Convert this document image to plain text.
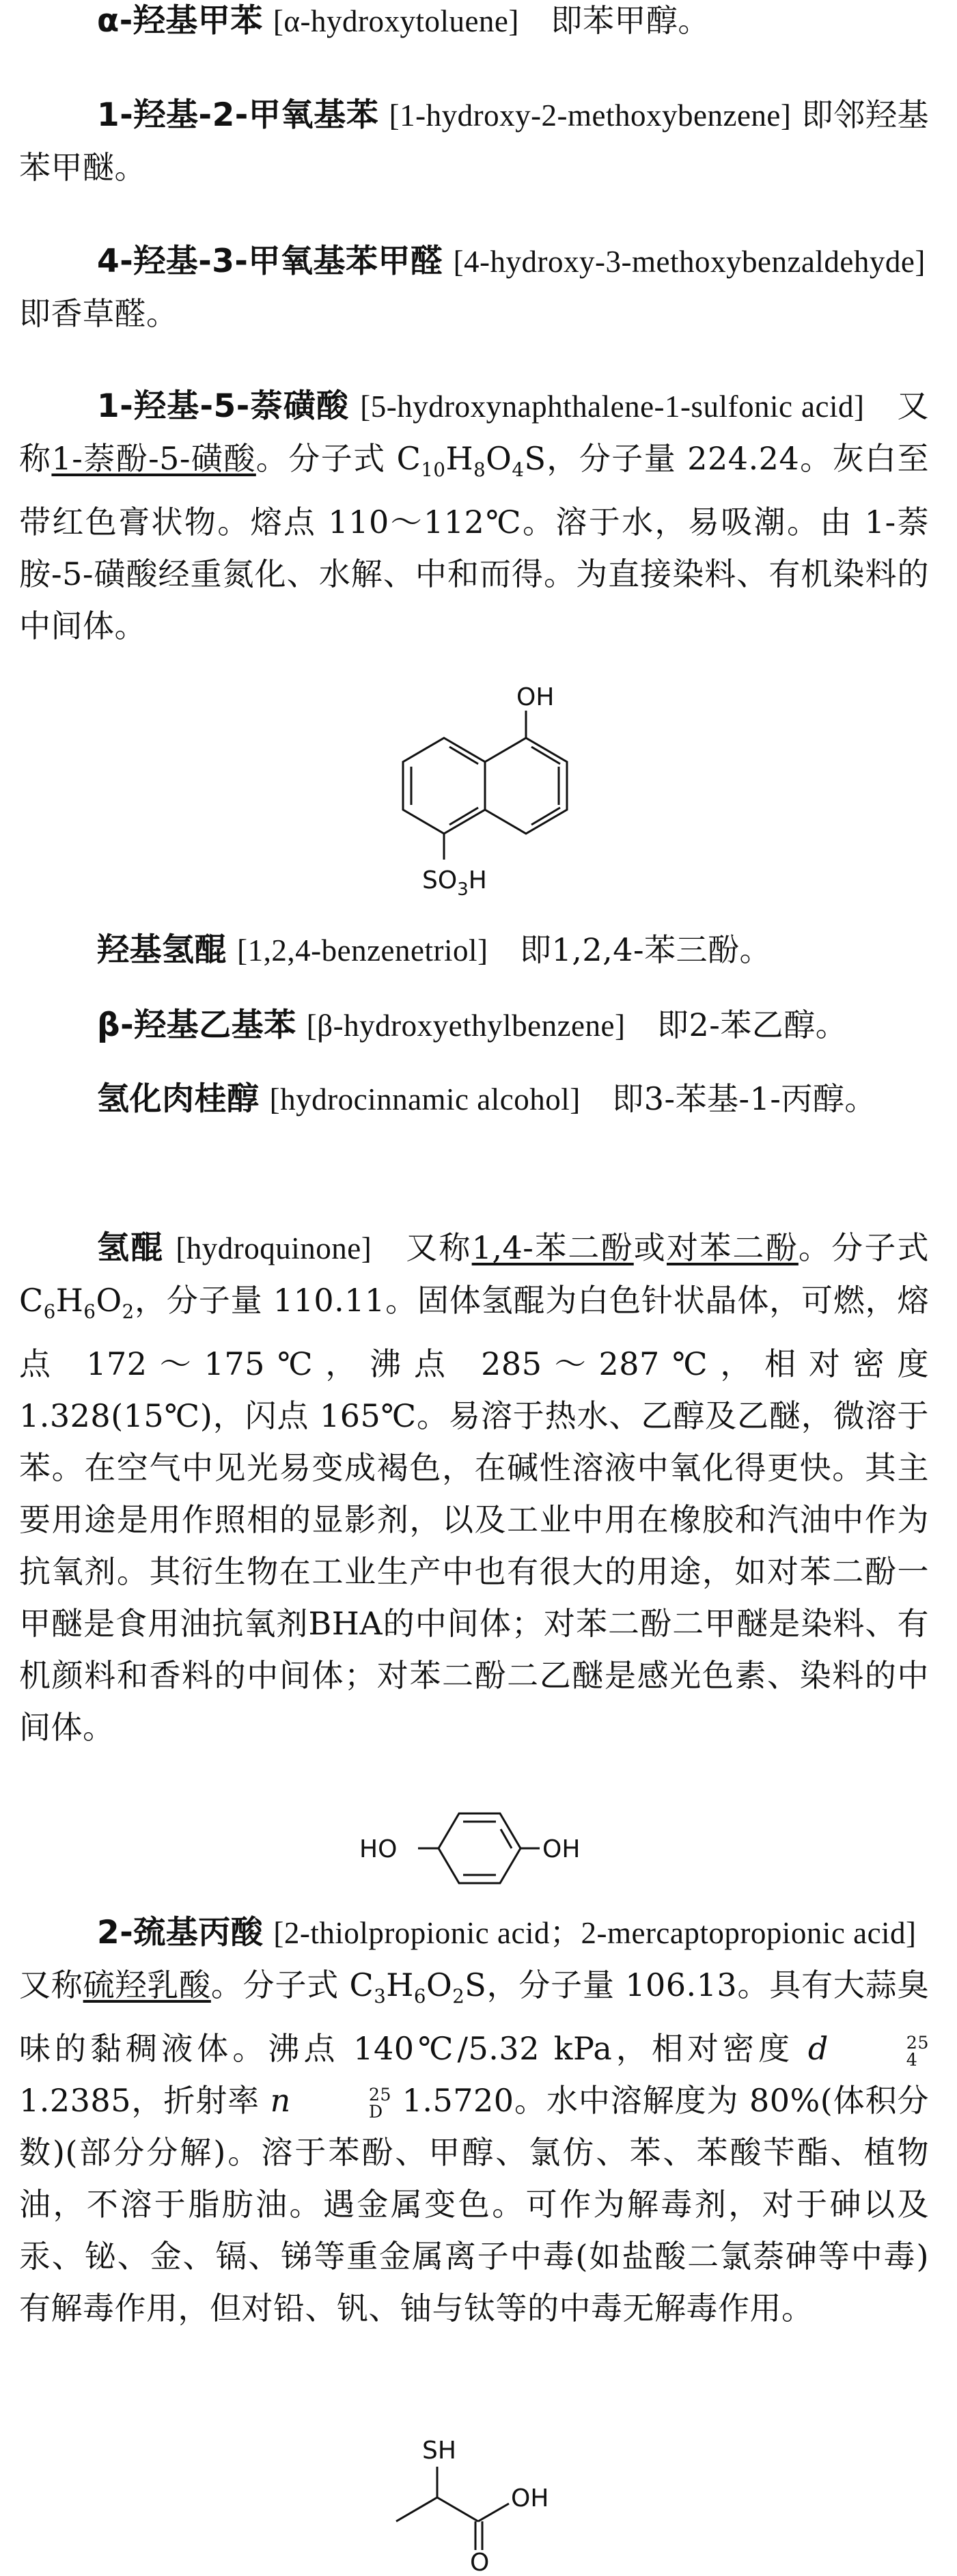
α-羟基甲苯 [α-hydroxytoluene]　即苯甲醇。

1-羟基-2-甲氧基苯 [1-hydroxy-2-methoxybenzene] 即邻羟基苯甲醚。

4-羟基-3-甲氧基苯甲醛 [4-hydroxy-3-methoxybenzaldehyde]　即香草醛。

1-羟基-5-萘磺酸 [5-hydroxynaphthalene-1-sulfonic acid]　又称1-萘酚-5-磺酸。分子式 $C_{10}H_8O_4S$，分子量 224.24。灰白至带红色膏状物。熔点 110～112℃。溶于水，易吸潮。由 1-萘胺-5-磺酸经重氮化、水解、中和而得。为直接染料、有机染料的中间体。

OH
$SO_3H$

羟基氢醌 [1,2,4-benzenetriol]　即1,2,4-苯三酚。

β-羟基乙基苯 [β-hydroxyethylbenzene]　即2-苯乙醇。

氢化肉桂醇 [hydrocinnamic alcohol]　即3-苯基-1-丙醇。

氢醌 [hydroquinone]　又称1,4-苯二酚或对苯二酚。分子式 $C_6H_6O_2$，分子量 110.11。固体氢醌为白色针状晶体，可燃，熔点 172～175℃，沸点 285～287℃，相对密度 1.328(15℃)，闪点 165℃。易溶于热水、乙醇及乙醚，微溶于苯。在空气中见光易变成褐色，在碱性溶液中氧化得更快。其主要用途是用作照相的显影剂，以及工业中用在橡胶和汽油中作为抗氧剂。其衍生物在工业生产中也有很大的用途，如对苯二酚一甲醚是食用油抗氧剂BHA的中间体；对苯二酚二甲醚是染料、有机颜料和香料的中间体；对苯二酚二乙醚是感光色素、染料的中间体。

HO	OH

2-巯基丙酸 [2-thiolpropionic acid；2-mercaptopropionic acid]　又称硫羟乳酸。分子式 $C_3H_6O_2S$，分子量 106.13。具有大蒜臭味的黏稠液体。沸点 140℃/5.32 kPa，相对密度 d	25
4
1.2385，折射率 n	25
D 1.5720。水中溶解度为 80%(体积分数)(部分分解)。溶于苯酚、甲醇、氯仿、苯、苯酸苄酯、植物油，不溶于脂肪油。遇金属变色。可作为解毒剂，对于砷以及汞、铋、金、镉、锑等重金属离子中毒(如盐酸二氯萘砷等中毒)有解毒作用，但对铅、钒、铀与钛等的中毒无解毒作用。

SH
OH
O
